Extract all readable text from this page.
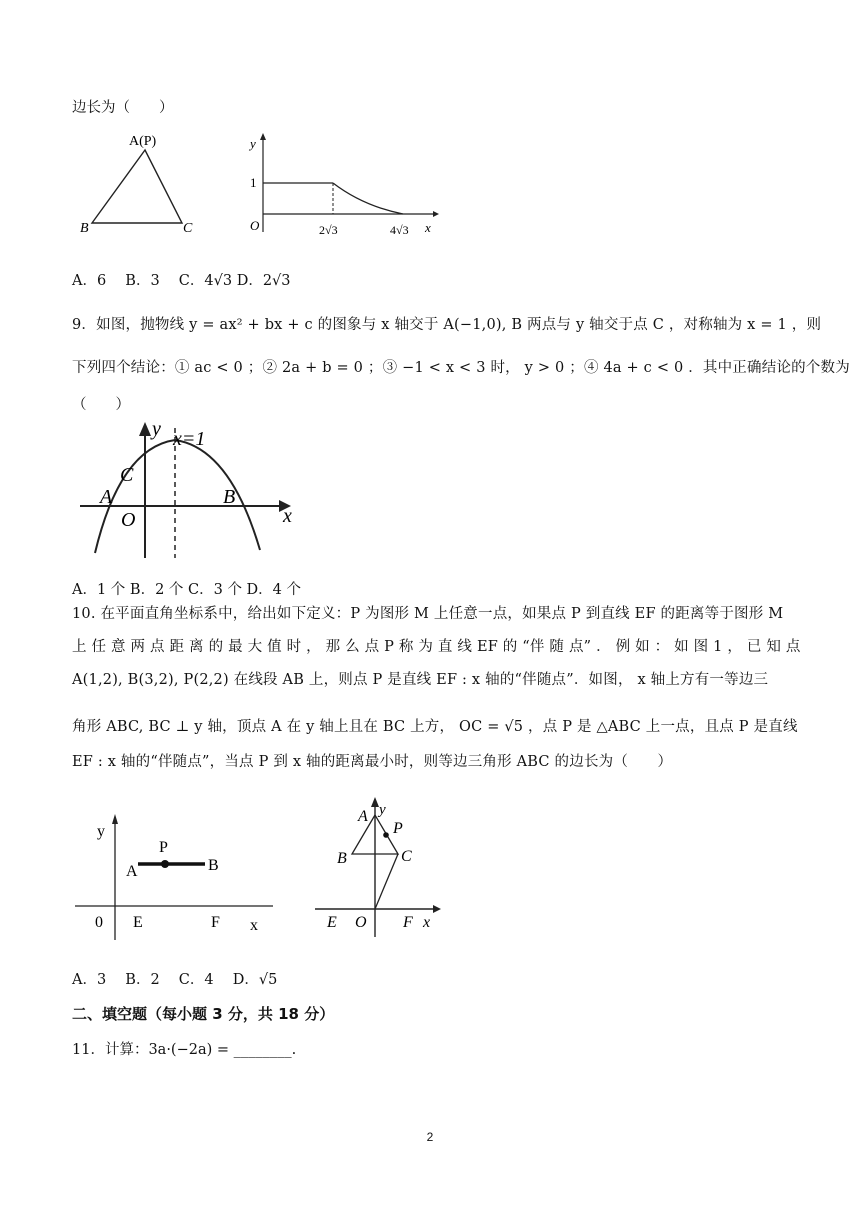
边长为（　　）
A(P)
B	C
y
1
O	2√3	4√3 x
A．6　 B．3　 C．4√3 D．2√3
9．如图，抛物线 y = ax² + bx + c 的图象与 x 轴交于 A(−1,0), B 两点与 y 轴交于点 C ，对称轴为 x = 1 ，则
下列四个结论：① ac < 0 ；② 2a + b = 0 ；③ −1 < x < 3 时， y > 0 ；④ 4a + c < 0 ．其中正确结论的个数为
（　　）
y x=1
C
A	B
O	x
A．1 个 B．2 个 C．3 个 D．4 个
10. 在平面直角坐标系中，给出如下定义：P 为图形 M 上任意一点，如果点 P 到直线 EF 的距离等于图形 M
上 任 意 两 点 距 离 的 最 大 值 时 ， 那 么 点 P 称 为 直 线 EF 的 “伴 随 点” ． 例 如 ： 如 图 1 ， 已 知 点
A(1,2), B(3,2), P(2,2) 在线段 AB 上，则点 P 是直线 EF : x 轴的“伴随点”．如图， x 轴上方有一等边三
角形 ABC, BC ⊥ y 轴，顶点 A 在 y 轴上且在 BC 上方， OC = √5 ，点 P 是 △ABC 上一点，且点 P 是直线
EF : x 轴的“伴随点”，当点 P 到 x 轴的距离最小时，则等边三角形 ABC 的边长为（　　）
y
P
A	B
0 E	F x
y
A
P
B	C
E O F x
A．3　 B．2　 C．4　 D．√5
二、填空题（每小题 3 分，共 18 分）
11．计算：3a·(−2a) = ________.
2
